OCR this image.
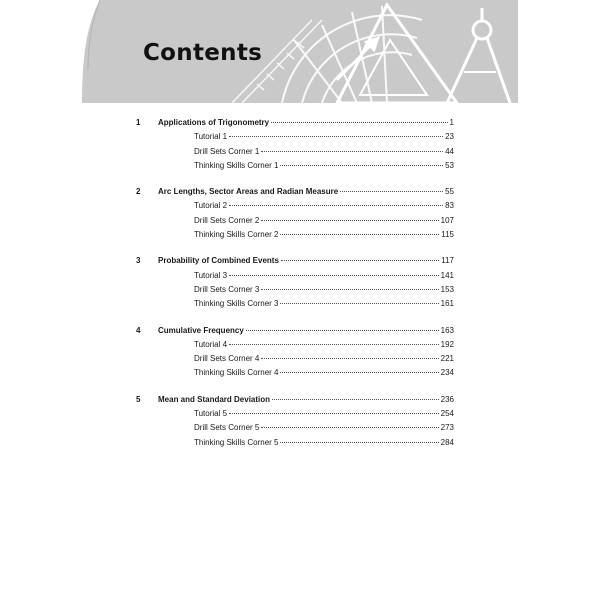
Contents
1	Applications of Trigonometry	1
Tutorial 1	23
Drill Sets Corner 1	44
Thinking Skills Corner 1	53
2	Arc Lengths, Sector Areas and Radian Measure	55
Tutorial 2	83
Drill Sets Corner 2	107
Thinking Skills Corner 2	115
3	Probability of Combined Events	117
Tutorial 3	141
Drill Sets Corner 3	153
Thinking Skills Corner 3	161
4	Cumulative Frequency	163
Tutorial 4	192
Drill Sets Corner 4	221
Thinking Skills Corner 4	234
5	Mean and Standard Deviation	236
Tutorial 5	254
Drill Sets Corner 5	273
Thinking Skills Corner 5	284
